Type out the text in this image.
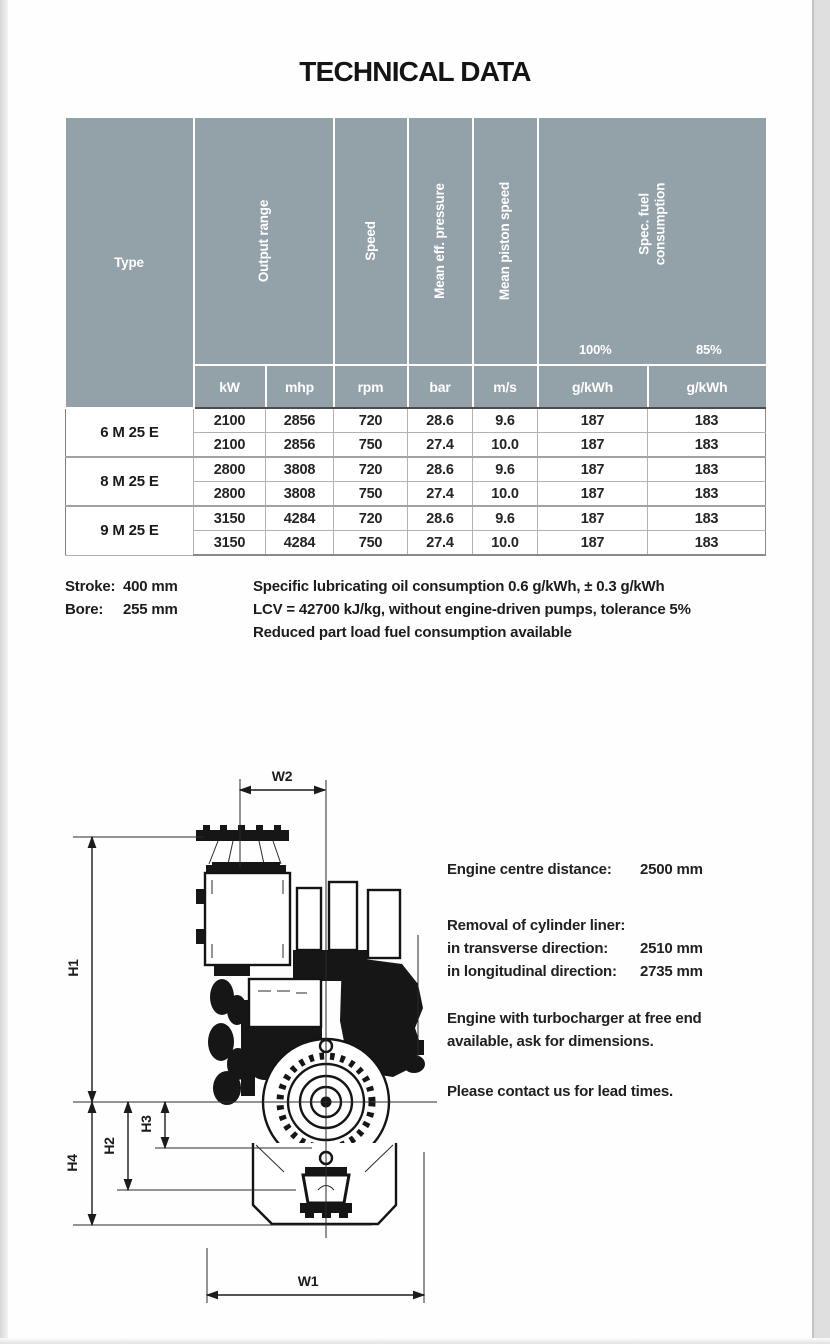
TECHNICAL DATA
Type	Output range		Speed	Mean eff. pressure	Mean piston speed	Spec. fuel consumption
100% 85%	

	kW	mhp	rpm	bar	m/s	g/kWh	g/kWh
6 M 25 E	2100	2856	720	28.6	9.6	187	183
	2100	2856	750	27.4	10.0	187	183
8 M 25 E	2800	3808	720	28.6	9.6	187	183
	2800	3808	750	27.4	10.0	187	183
9 M 25 E	3150	4284	720	28.6	9.6	187	183
	3150	4284	750	27.4	10.0	187	183
Stroke: 400 mm
Bore:	255 mm
Specific lubricating oil consumption 0.6 g/kWh, ± 0.3 g/kWh
LCV = 42700 kJ/kg, without engine-driven pumps, tolerance 5%
Reduced part load fuel consumption available
W2
H1
H3
H2
H4
W1
Engine centre distance:	2500 mm
Removal of cylinder liner:
in transverse direction:	2510 mm
in longitudinal direction:	2735 mm
Engine with turbocharger at free end available, ask for dimensions.
Please contact us for lead times.
